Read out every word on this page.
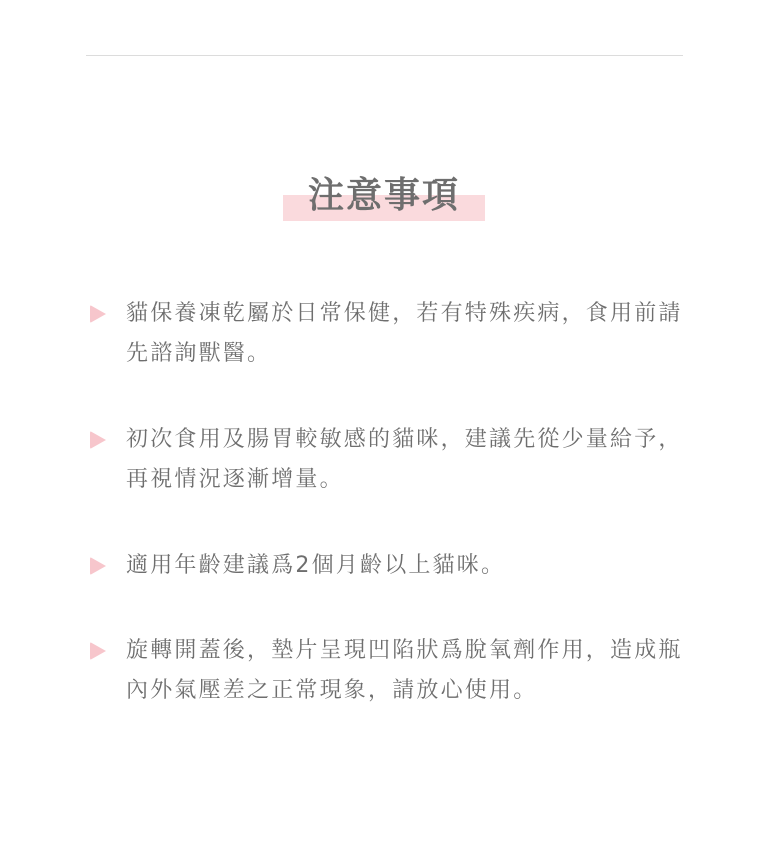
注意事項
貓保養凍乾屬於日常保健，若有特殊疾病，食用前請先諮詢獸醫。
初次食用及腸胃較敏感的貓咪，建議先從少量給予，再視情況逐漸增量。
適用年齡建議爲2個月齡以上貓咪。
旋轉開蓋後，墊片呈現凹陷狀爲脫氧劑作用，造成瓶內外氣壓差之正常現象，請放心使用。
